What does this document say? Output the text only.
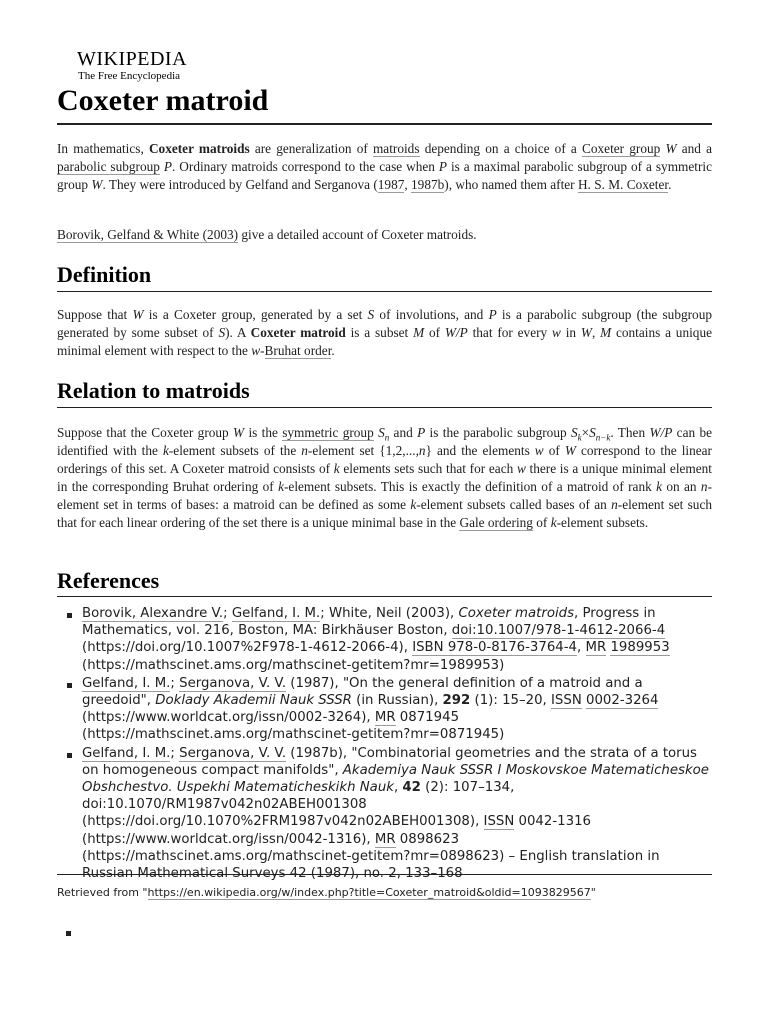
WIKIPEDIA
The Free Encyclopedia
Coxeter matroid

In mathematics, Coxeter matroids are generalization of matroids depending on a choice of a Coxeter group W and a parabolic subgroup P. Ordinary matroids correspond to the case when P is a maximal parabolic subgroup of a symmetric group W. They were introduced by Gelfand and Serganova (1987, 1987b), who named them after H. S. M. Coxeter.

Borovik, Gelfand & White (2003) give a detailed account of Coxeter matroids.

Definition

Suppose that W is a Coxeter group, generated by a set S of involutions, and P is a parabolic subgroup (the subgroup generated by some subset of S). A Coxeter matroid is a subset M of W/P that for every w in W, M contains a unique minimal element with respect to the w-Bruhat order.

Relation to matroids

Suppose that the Coxeter group W is the symmetric group $S_n$ and P is the parabolic subgroup $S_k\times S_{n-k}$. Then W/P can be identified with the k-element subsets of the n-element set {1,2,...,n} and the elements w of W correspond to the linear orderings of this set. A Coxeter matroid consists of k elements sets such that for each w there is a unique minimal element in the corresponding Bruhat ordering of k-element subsets. This is exactly the definition of a matroid of rank k on an n-element set in terms of bases: a matroid can be defined as some k-element subsets called bases of an n-element set such that for each linear ordering of the set there is a unique minimal base in the Gale ordering of k-element subsets.

References
Borovik, Alexandre V.; Gelfand, I. M.; White, Neil (2003), Coxeter matroids, Progress in Mathematics, vol. 216, Boston, MA: Birkhäuser Boston, doi:10.1007/978-1-4612-2066-4 (https://doi.org/10.1007%2F978-1-4612-2066-4), ISBN 978-0-8176-3764-4, MR 1989953 (https://mathscinet.ams.org/mathscinet-getitem?mr=1989953)
Gelfand, I. M.; Serganova, V. V. (1987), "On the general definition of a matroid and a greedoid", Doklady Akademii Nauk SSSR (in Russian), 292 (1): 15–20, ISSN 0002-3264 (https://www.worldcat.org/issn/0002-3264), MR 0871945 (https://mathscinet.ams.org/mathscinet-getitem?mr=0871945)
Gelfand, I. M.; Serganova, V. V. (1987b), "Combinatorial geometries and the strata of a torus on homogeneous compact manifolds", Akademiya Nauk SSSR I Moskovskoe Matematicheskoe Obshchestvo. Uspekhi Matematicheskikh Nauk, 42 (2): 107–134, doi:10.1070/RM1987v042n02ABEH001308 (https://doi.org/10.1070%2FRM1987v042n02ABEH001308), ISSN 0042-1316 (https://www.worldcat.org/issn/0042-1316), MR 0898623 (https://mathscinet.ams.org/mathscinet-getitem?mr=0898623) – English translation in Russian Mathematical Surveys 42 (1987), no. 2, 133–168
Retrieved from "https://en.wikipedia.org/w/index.php?title=Coxeter_matroid&oldid=1093829567"
